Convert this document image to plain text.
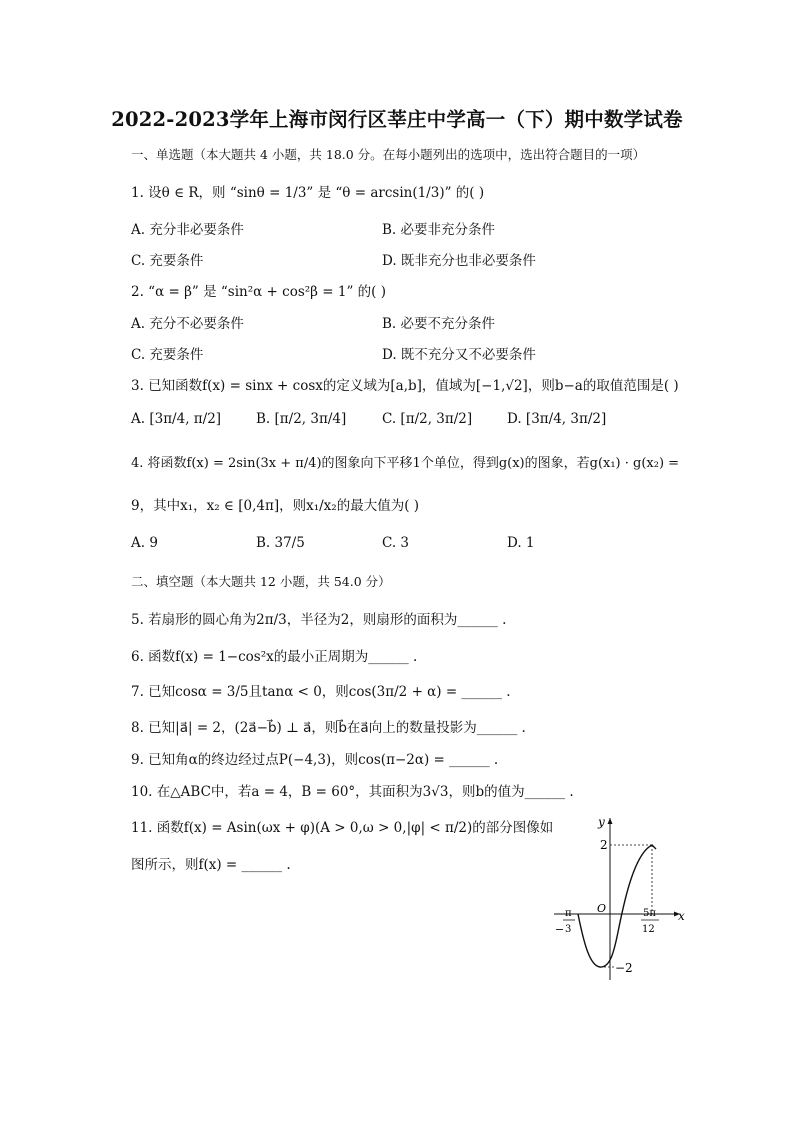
2022-2023学年上海市闵行区莘庄中学高一（下）期中数学试卷
一、单选题（本大题共 4 小题，共 18.0 分。在每小题列出的选项中，选出符合题目的一项）
1. 设θ ∈ R，则 “sinθ = 1/3” 是 “θ = arcsin(1/3)” 的( )
A. 充分非必要条件	B. 必要非充分条件
C. 充要条件	D. 既非充分也非必要条件
2. “α = β” 是 “sin²α + cos²β = 1” 的( )
A. 充分不必要条件	B. 必要不充分条件
C. 充要条件	D. 既不充分又不必要条件
3. 已知函数f(x) = sinx + cosx的定义域为[a,b]，值域为[−1,√2]，则b−a的取值范围是( )
A. [3π/4, π/2]	B. [π/2, 3π/4]	C. [π/2, 3π/2]	D. [3π/4, 3π/2]
4. 将函数f(x) = 2sin(3x + π/4)的图象向下平移1个单位，得到g(x)的图象，若g(x₁) · g(x₂) =
9，其中x₁，x₂ ∈ [0,4π]，则x₁/x₂的最大值为( )
A. 9	B. 37/5	C. 3	D. 1
二、填空题（本大题共 12 小题，共 54.0 分）
5. 若扇形的圆心角为2π/3，半径为2，则扇形的面积为______ .
6. 函数f(x) = 1−cos²x的最小正周期为______ .
7. 已知cosα = 3/5且tanα < 0，则cos(3π/2 + α) = ______ .
8. 已知|a⃗| = 2，(2a⃗−b⃗) ⊥ a⃗，则b⃗在a⃗向上的数量投影为______ .
9. 已知角α的终边经过点P(−4,3)，则cos(π−2α) = ______ .
10. 在△ABC中，若a = 4，B = 60°，其面积为3√3，则b的值为______ .
11. 函数f(x) = Asin(ωx + φ)(A > 0,ω > 0,|φ| < π/2)的部分图像如
图所示，则f(x) = ______ .
y
x
O
2
−2
−
π
3
5π
12
